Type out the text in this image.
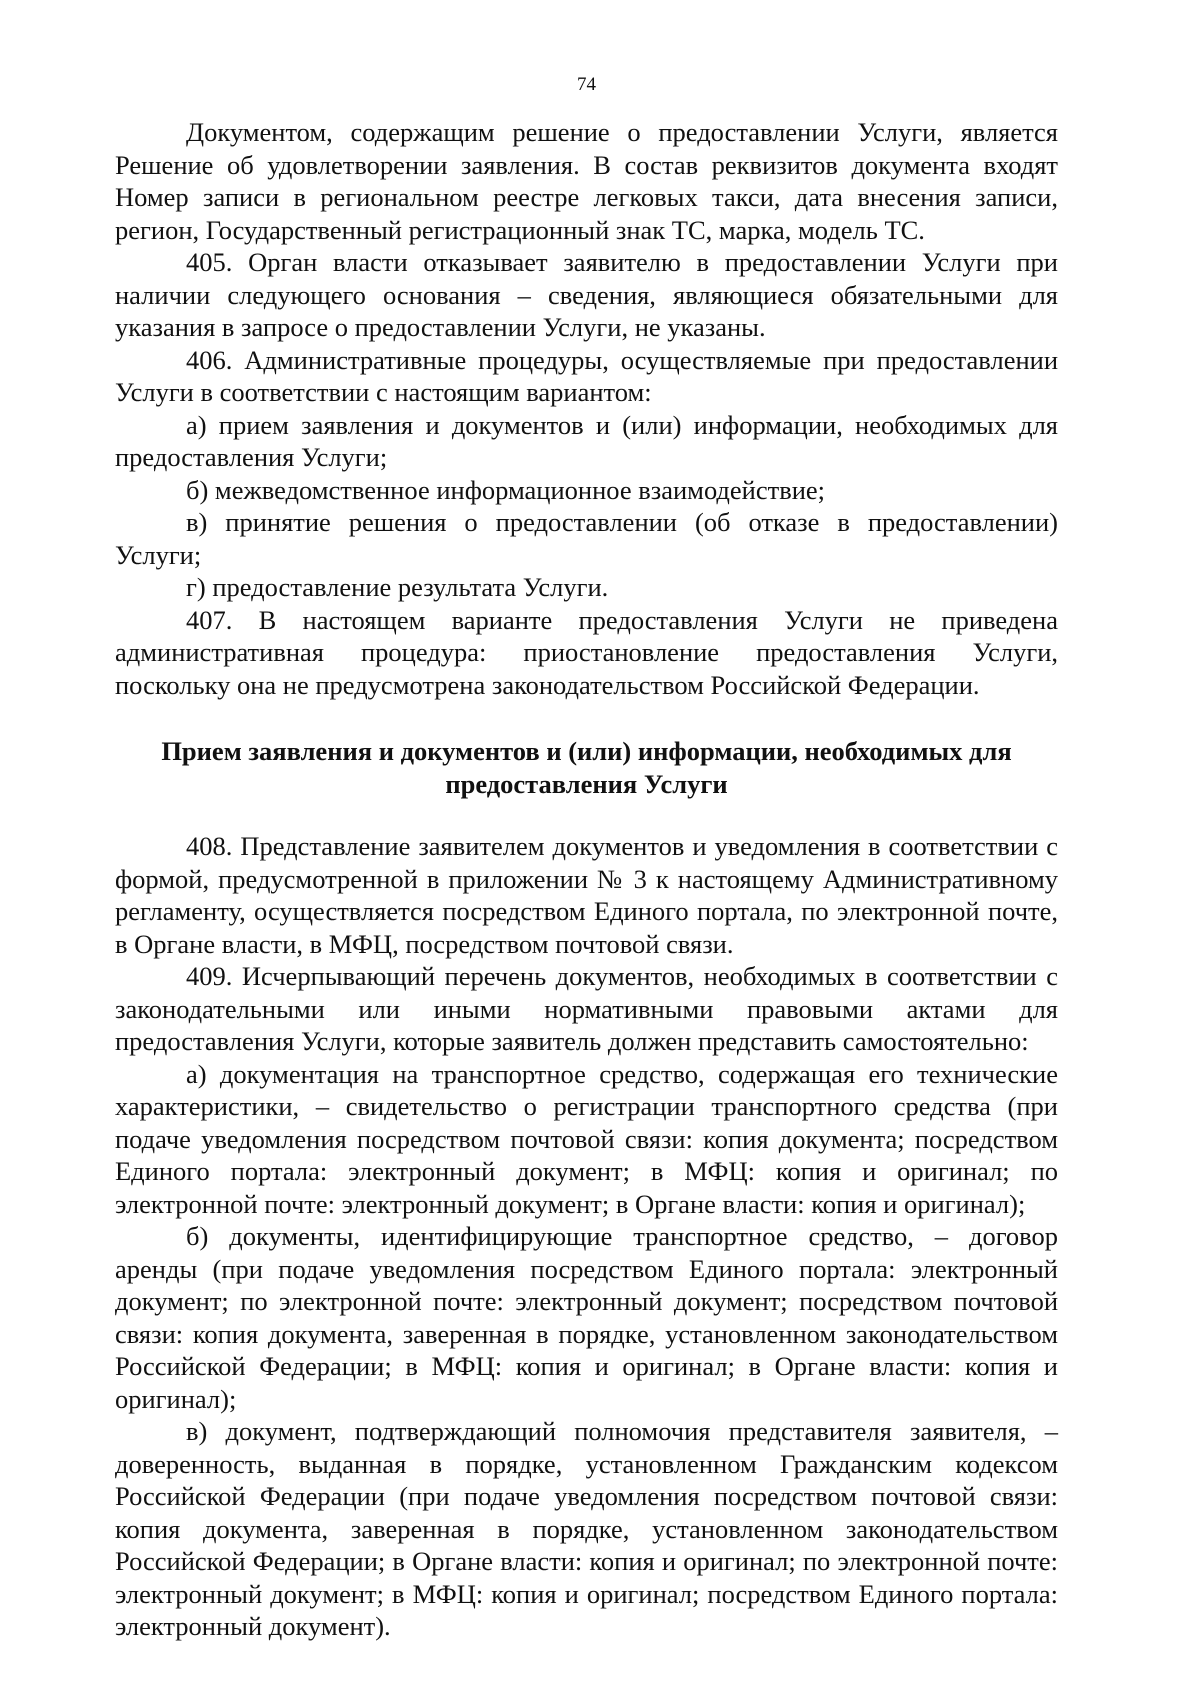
74

Документом, содержащим решение о предоставлении Услуги, является Решение об удовлетворении заявления. В состав реквизитов документа входят Номер записи в региональном реестре легковых такси, дата внесения записи, регион, Государственный регистрационный знак ТС, марка, модель ТС.

405. Орган власти отказывает заявителю в предоставлении Услуги при наличии следующего основания – сведения, являющиеся обязательными для указания в запросе о предоставлении Услуги, не указаны.

406. Административные процедуры, осуществляемые при предоставлении Услуги в соответствии с настоящим вариантом:

а) прием заявления и документов и (или) информации, необходимых для предоставления Услуги;

б) межведомственное информационное взаимодействие;

в) принятие решения о предоставлении (об отказе в предоставлении) Услуги;

г) предоставление результата Услуги.

407. В настоящем варианте предоставления Услуги не приведена административная процедура: приостановление предоставления Услуги, поскольку она не предусмотрена законодательством Российской Федерации.

Прием заявления и документов и (или) информации, необходимых для
предоставления Услуги

408. Представление заявителем документов и уведомления в соответствии с формой, предусмотренной в приложении № 3 к настоящему Административному регламенту, осуществляется посредством Единого портала, по электронной почте, в Органе власти, в МФЦ, посредством почтовой связи.

409. Исчерпывающий перечень документов, необходимых в соответствии с законодательными или иными нормативными правовыми актами для предоставления Услуги, которые заявитель должен представить самостоятельно:

а) документация на транспортное средство, содержащая его технические характеристики, – свидетельство о регистрации транспортного средства (при подаче уведомления посредством почтовой связи: копия документа; посредством Единого портала: электронный документ; в МФЦ: копия и оригинал; по электронной почте: электронный документ; в Органе власти: копия и оригинал);

б) документы, идентифицирующие транспортное средство, – договор аренды (при подаче уведомления посредством Единого портала: электронный документ; по электронной почте: электронный документ; посредством почтовой связи: копия документа, заверенная в порядке, установленном законодательством Российской Федерации; в МФЦ: копия и оригинал; в Органе власти: копия и оригинал);

в) документ, подтверждающий полномочия представителя заявителя, – доверенность, выданная в порядке, установленном Гражданским кодексом Российской Федерации (при подаче уведомления посредством почтовой связи: копия документа, заверенная в порядке, установленном законодательством Российской Федерации; в Органе власти: копия и оригинал; по электронной почте: электронный документ; в МФЦ: копия и оригинал; посредством Единого портала: электронный документ).
